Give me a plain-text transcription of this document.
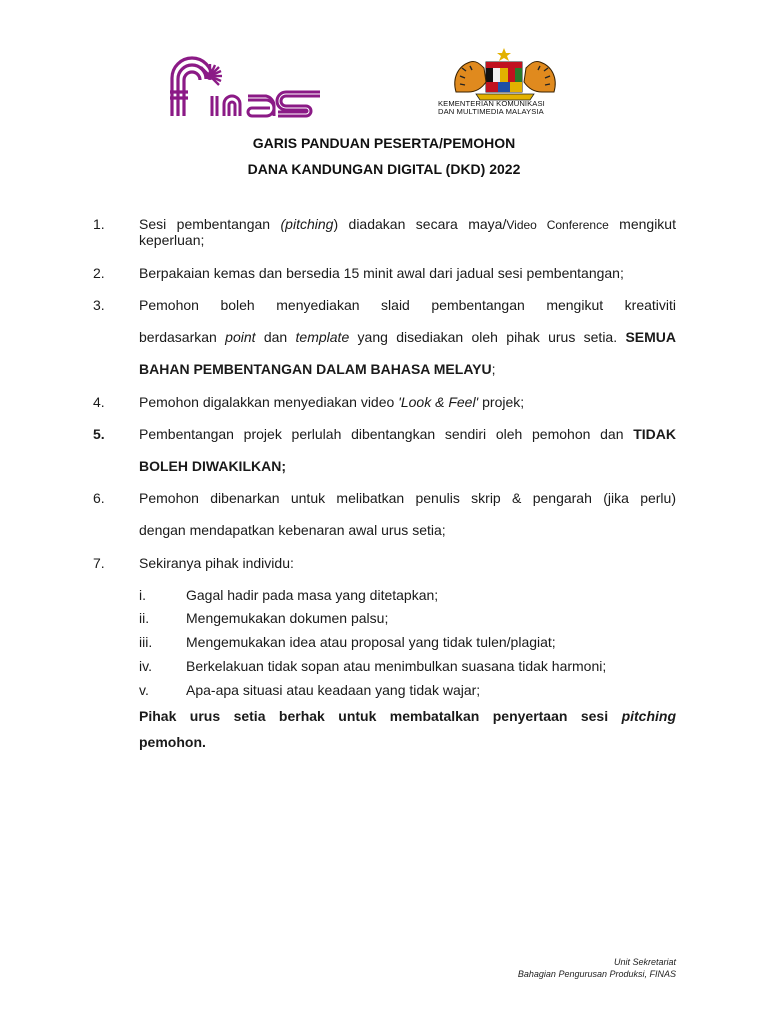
KEMENTERIAN KOMUNIKASI
DAN MULTIMEDIA MALAYSIA
GARIS PANDUAN PESERTA/PEMOHON
DANA KANDUNGAN DIGITAL (DKD) 2022
1. Sesi pembentangan (pitching) diadakan secara maya/Video Conference mengikut
keperluan;
2. Berpakaian kemas dan bersedia 15 minit awal dari jadual sesi pembentangan;
3. Pemohon boleh menyediakan slaid pembentangan mengikut kreativiti
berdasarkan point dan template yang disediakan oleh pihak urus setia. SEMUA
BAHAN PEMBENTANGAN DALAM BAHASA MELAYU;
4. Pemohon digalakkan menyediakan video 'Look & Feel' projek;
5. Pembentangan projek perlulah dibentangkan sendiri oleh pemohon dan TIDAK
BOLEH DIWAKILKAN;
6. Pemohon dibenarkan untuk melibatkan penulis skrip & pengarah (jika perlu)
dengan mendapatkan kebenaran awal urus setia;
7. Sekiranya pihak individu:
i.	Gagal hadir pada masa yang ditetapkan;
ii.	Mengemukakan dokumen palsu;
iii. Mengemukakan idea atau proposal yang tidak tulen/plagiat;
iv. Berkelakuan tidak sopan atau menimbulkan suasana tidak harmoni;
v.	Apa-apa situasi atau keadaan yang tidak wajar;
Pihak urus setia berhak untuk membatalkan penyertaan sesi pitching
pemohon.
Unit Sekretariat
Bahagian Pengurusan Produksi, FINAS
